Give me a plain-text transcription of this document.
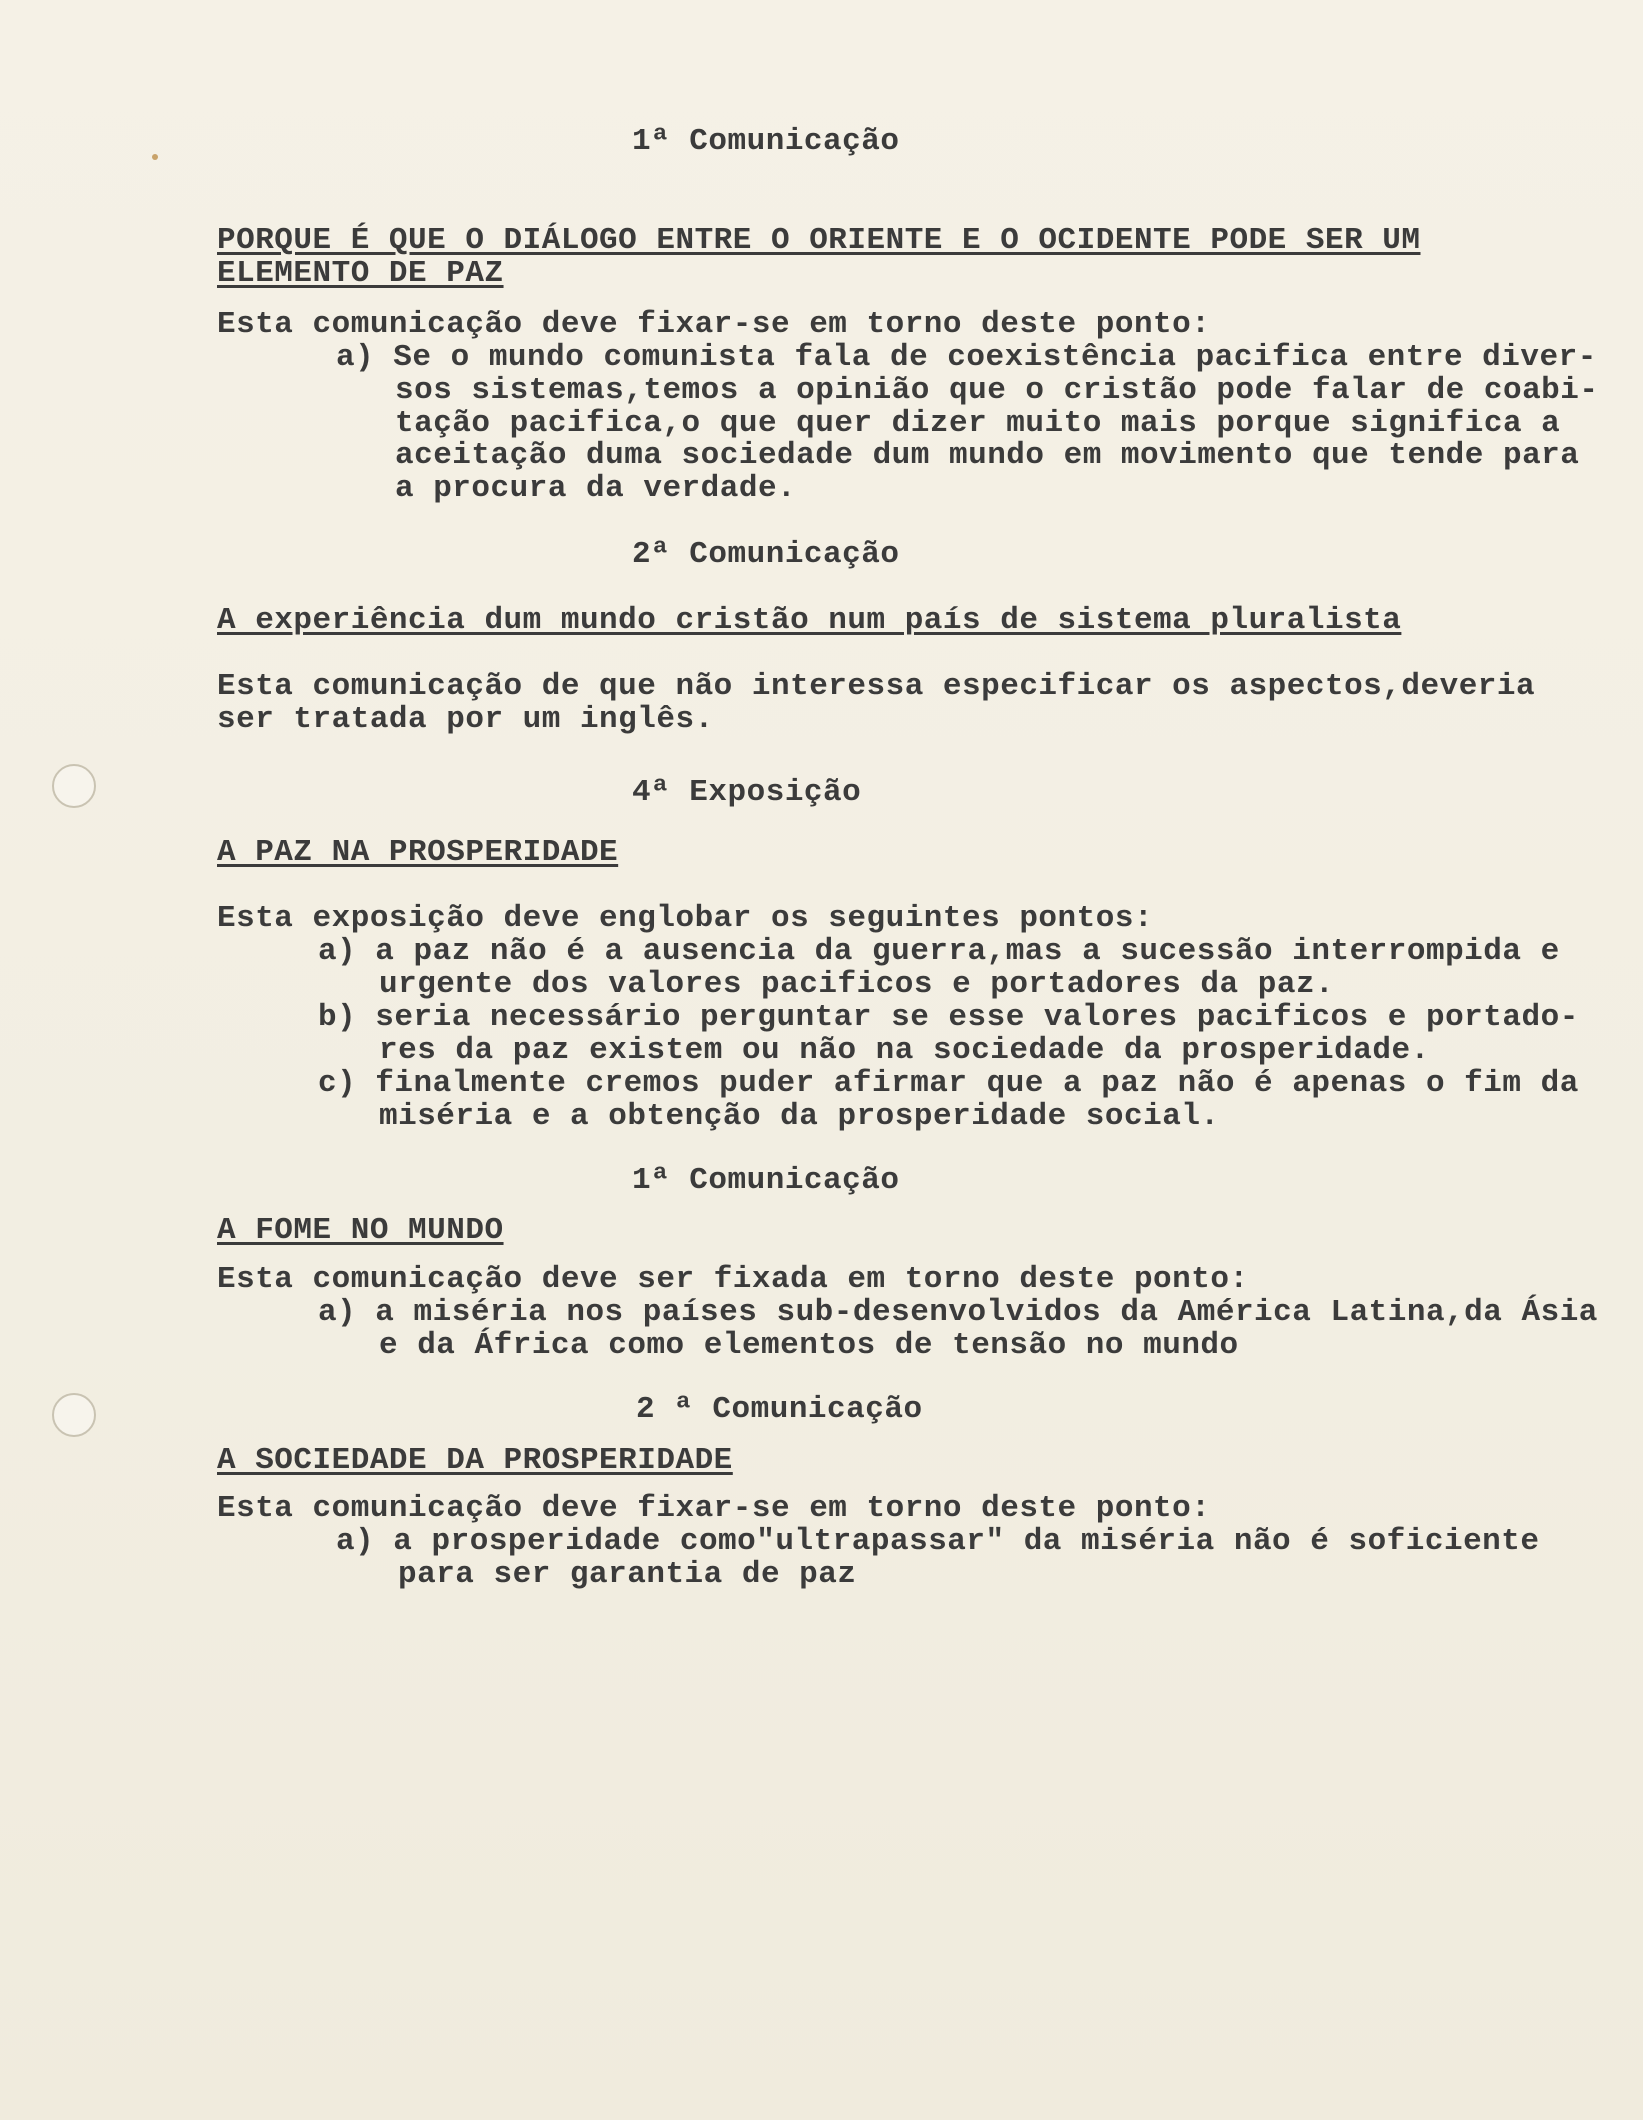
1ª Comunicação
PORQUE É QUE O DIÁLOGO ENTRE O ORIENTE E O OCIDENTE PODE SER UM
ELEMENTO DE PAZ
Esta comunicação deve fixar-se em torno deste ponto:
a) Se o mundo comunista fala de coexistência pacifica entre diver-
sos sistemas,temos a opinião que o cristão pode falar de coabi-
tação pacifica,o que quer dizer muito mais porque significa a
aceitação duma sociedade dum mundo em movimento que tende para
a procura da verdade.
2ª Comunicação
A experiência dum mundo cristão num país de sistema pluralista
Esta comunicação de que não interessa especificar os aspectos,deveria
ser tratada por um inglês.
4ª Exposição
A PAZ NA PROSPERIDADE
Esta exposição deve englobar os seguintes pontos:
a) a paz não é a ausencia da guerra,mas a sucessão interrompida e
urgente dos valores pacificos e portadores da paz.
b) seria necessário perguntar se esse valores pacificos e portado-
res da paz existem ou não na sociedade da prosperidade.
c) finalmente cremos puder afirmar que a paz não é apenas o fim da
miséria e a obtenção da prosperidade social.
1ª Comunicação
A FOME NO MUNDO
Esta comunicação deve ser fixada em torno deste ponto:
a) a miséria nos países sub-desenvolvidos da América Latina,da Ásia
e da África como elementos de tensão no mundo
2 ª Comunicação
A SOCIEDADE DA PROSPERIDADE
Esta comunicação deve fixar-se em torno deste ponto:
a) a prosperidade como"ultrapassar" da miséria não é soficiente
para ser garantia de paz
